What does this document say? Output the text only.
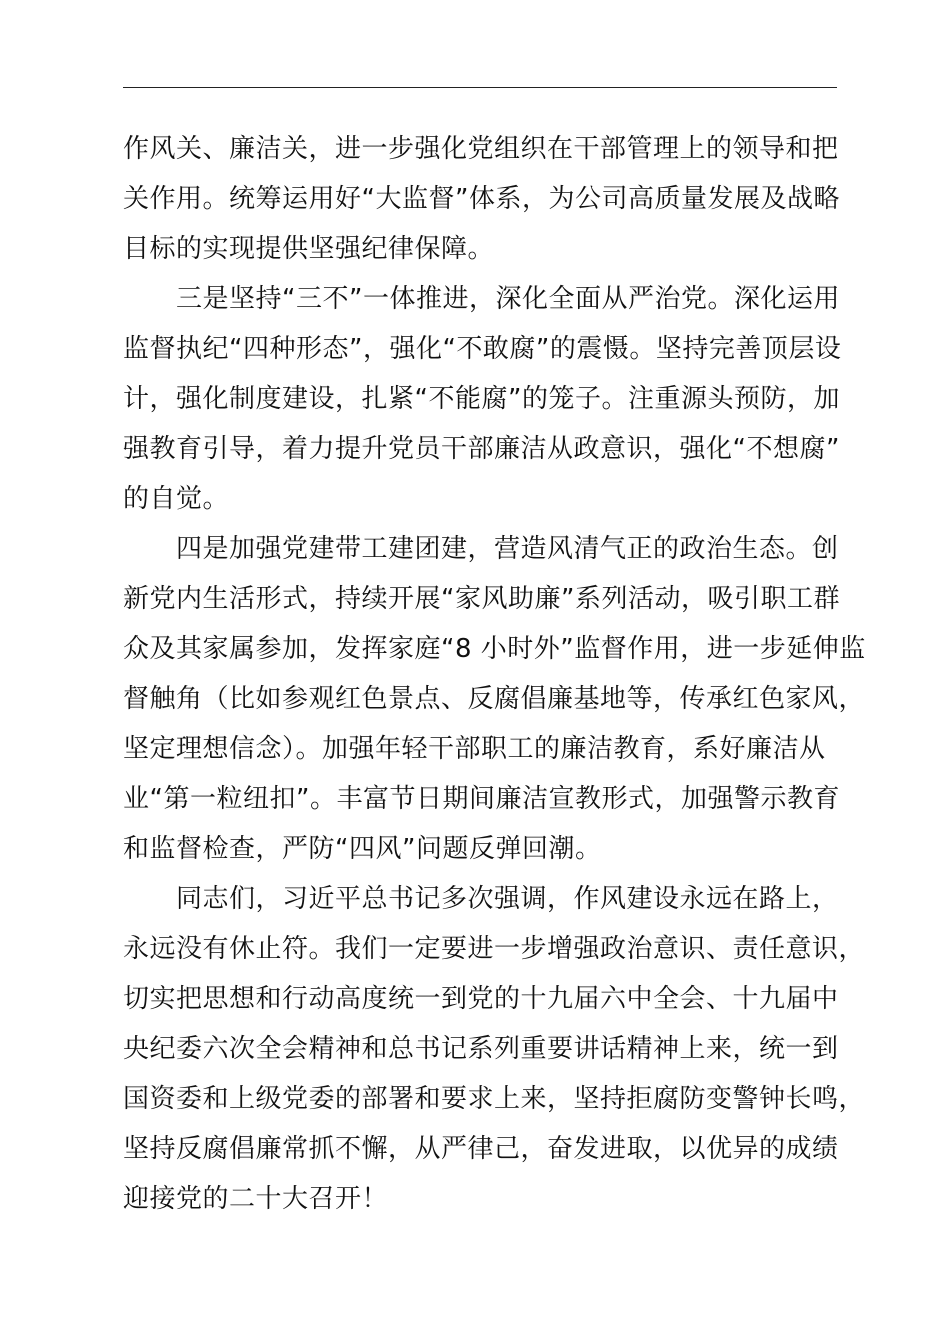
作风关、廉洁关，进一步强化党组织在干部管理上的领导和把
关作用。统筹运用好“大监督”体系，为公司高质量发展及战略
目标的实现提供坚强纪律保障。
　　三是坚持“三不”一体推进，深化全面从严治党。深化运用
监督执纪“四种形态”，强化“不敢腐”的震慑。坚持完善顶层设
计，强化制度建设，扎紧“不能腐”的笼子。注重源头预防，加
强教育引导，着力提升党员干部廉洁从政意识，强化“不想腐”
的自觉。
　　四是加强党建带工建团建，营造风清气正的政治生态。创
新党内生活形式，持续开展“家风助廉”系列活动，吸引职工群
众及其家属参加，发挥家庭“8 小时外”监督作用，进一步延伸监
督触角（比如参观红色景点、反腐倡廉基地等，传承红色家风，
坚定理想信念）。加强年轻干部职工的廉洁教育，系好廉洁从
业“第一粒纽扣”。丰富节日期间廉洁宣教形式，加强警示教育
和监督检查，严防“四风”问题反弹回潮。
　　同志们，习近平总书记多次强调，作风建设永远在路上，
永远没有休止符。我们一定要进一步增强政治意识、责任意识，
切实把思想和行动高度统一到党的十九届六中全会、十九届中
央纪委六次全会精神和总书记系列重要讲话精神上来，统一到
国资委和上级党委的部署和要求上来，坚持拒腐防变警钟长鸣，
坚持反腐倡廉常抓不懈，从严律己，奋发进取，以优异的成绩
迎接党的二十大召开！
